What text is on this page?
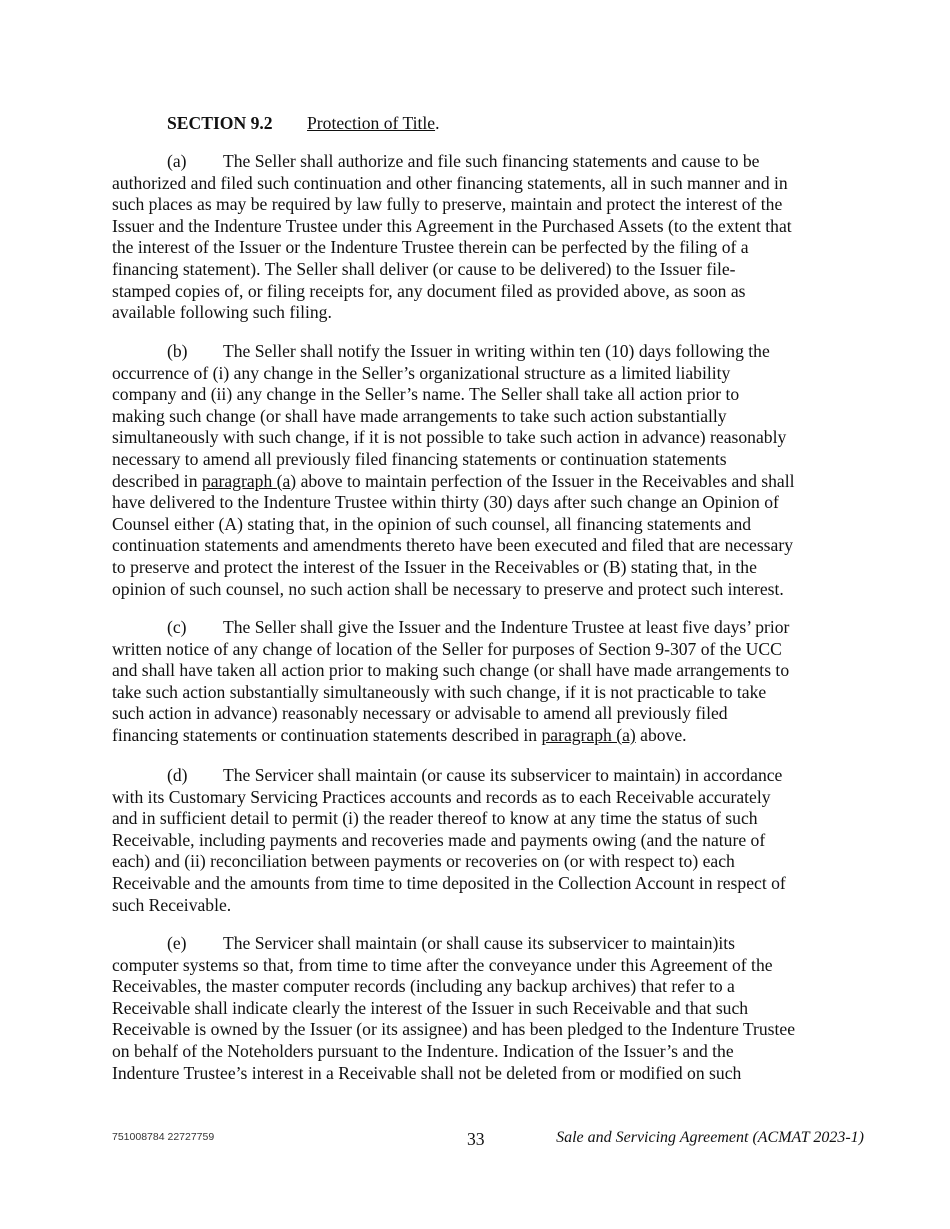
SECTION 9.2 Protection of Title.
(a) The Seller shall authorize and file such financing statements and cause to be
authorized and filed such continuation and other financing statements, all in such manner and in
such places as may be required by law fully to preserve, maintain and protect the interest of the
Issuer and the Indenture Trustee under this Agreement in the Purchased Assets (to the extent that
the interest of the Issuer or the Indenture Trustee therein can be perfected by the filing of a
financing statement). The Seller shall deliver (or cause to be delivered) to the Issuer file-
stamped copies of, or filing receipts for, any document filed as provided above, as soon as
available following such filing.
(b) The Seller shall notify the Issuer in writing within ten (10) days following the
occurrence of (i) any change in the Seller’s organizational structure as a limited liability
company and (ii) any change in the Seller’s name. The Seller shall take all action prior to
making such change (or shall have made arrangements to take such action substantially
simultaneously with such change, if it is not possible to take such action in advance) reasonably
necessary to amend all previously filed financing statements or continuation statements
described in paragraph (a) above to maintain perfection of the Issuer in the Receivables and shall
have delivered to the Indenture Trustee within thirty (30) days after such change an Opinion of
Counsel either (A) stating that, in the opinion of such counsel, all financing statements and
continuation statements and amendments thereto have been executed and filed that are necessary
to preserve and protect the interest of the Issuer in the Receivables or (B) stating that, in the
opinion of such counsel, no such action shall be necessary to preserve and protect such interest.
(c) The Seller shall give the Issuer and the Indenture Trustee at least five days’ prior
written notice of any change of location of the Seller for purposes of Section 9-307 of the UCC
and shall have taken all action prior to making such change (or shall have made arrangements to
take such action substantially simultaneously with such change, if it is not practicable to take
such action in advance) reasonably necessary or advisable to amend all previously filed
financing statements or continuation statements described in paragraph (a) above.
(d) The Servicer shall maintain (or cause its subservicer to maintain) in accordance
with its Customary Servicing Practices accounts and records as to each Receivable accurately
and in sufficient detail to permit (i) the reader thereof to know at any time the status of such
Receivable, including payments and recoveries made and payments owing (and the nature of
each) and (ii) reconciliation between payments or recoveries on (or with respect to) each
Receivable and the amounts from time to time deposited in the Collection Account in respect of
such Receivable.
(e) The Servicer shall maintain (or shall cause its subservicer to maintain)its
computer systems so that, from time to time after the conveyance under this Agreement of the
Receivables, the master computer records (including any backup archives) that refer to a
Receivable shall indicate clearly the interest of the Issuer in such Receivable and that such
Receivable is owned by the Issuer (or its assignee) and has been pledged to the Indenture Trustee
on behalf of the Noteholders pursuant to the Indenture. Indication of the Issuer’s and the
Indenture Trustee’s interest in a Receivable shall not be deleted from or modified on such
751008784 22727759	33	Sale and Servicing Agreement (ACMAT 2023-1)
